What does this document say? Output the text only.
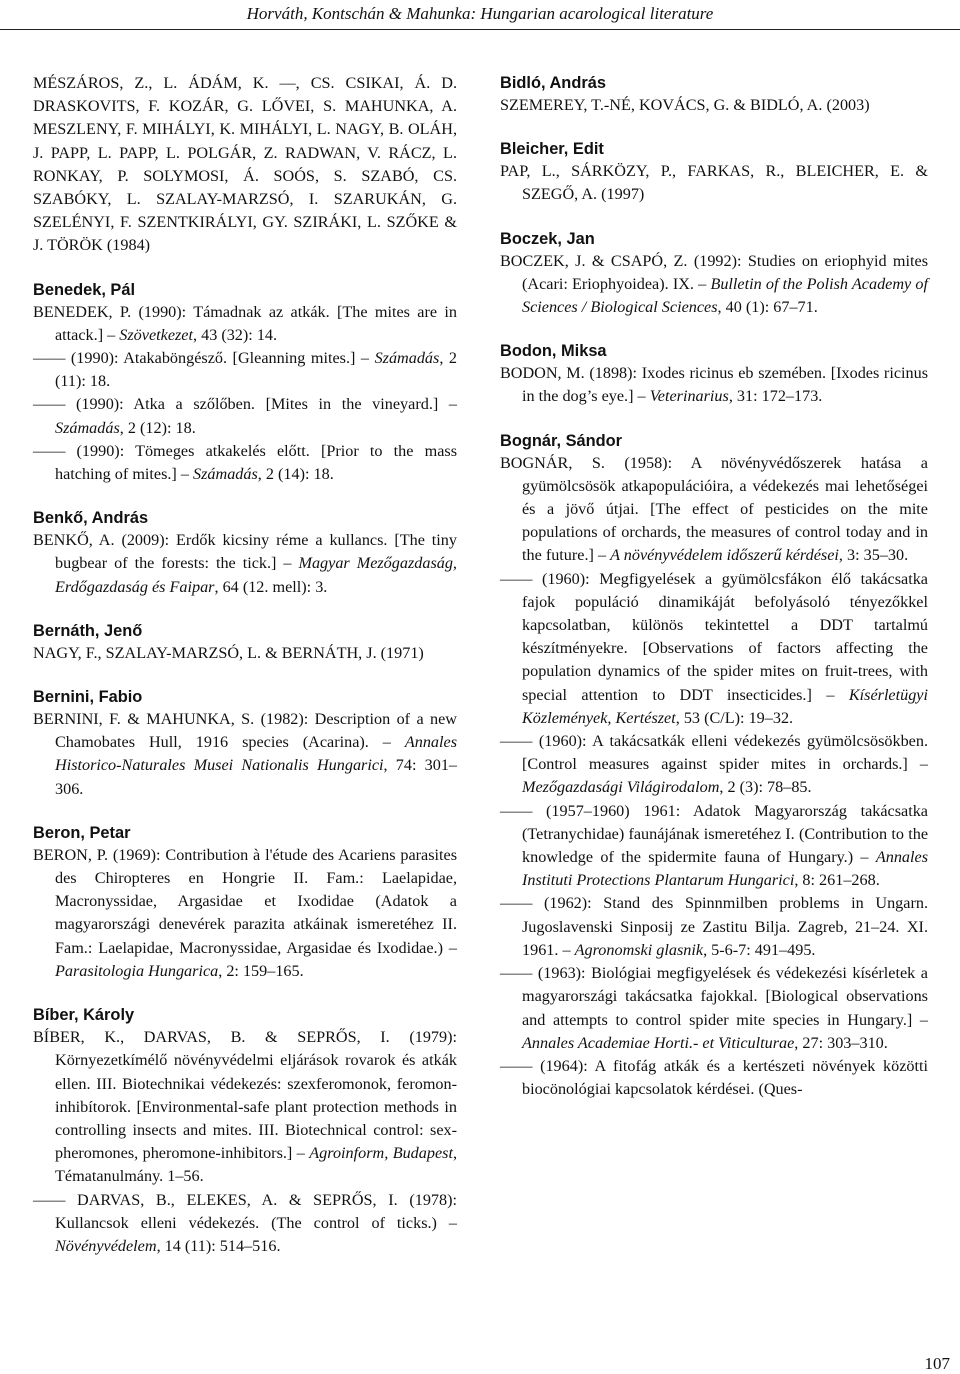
Horváth, Kontschán & Mahunka: Hungarian acarological literature

MÉSZÁROS, Z., L. ÁDÁM, K. —, CS. CSIKAI, Á. D. DRASKOVITS, F. KOZÁR, G. LŐVEI, S. MAHUNKA, A. MESZLENY, F. MIHÁLYI, K. MIHÁLYI, L. NAGY, B. OLÁH, J. PAPP, L. PAPP, L. POLGÁR, Z. RADWAN, V. RÁCZ, L. RONKAY, P. SOLYMOSI, Á. SOÓS, S. SZABÓ, CS. SZABÓKY, L. SZALAY-MARZSÓ, I. SZARUKÁN, G. SZELÉNYI, F. SZENTKIRÁLYI, GY. SZIRÁKI, L. SZŐKE & J. TÖRÖK (1984)

Benedek, Pál

BENEDEK, P. (1990): Támadnak az atkák. [The mites are in attack.] – Szövetkezet, 43 (32): 14.

—— (1990): Atakaböngésző. [Gleanning mites.] – Számadás, 2 (11): 18.

—— (1990): Atka a szőlőben. [Mites in the vineyard.] – Számadás, 2 (12): 18.

—— (1990): Tömeges atkakelés előtt. [Prior to the mass hatching of mites.] – Számadás, 2 (14): 18.

Benkő, András

BENKŐ, A. (2009): Erdők kicsiny réme a kullancs. [The tiny bugbear of the forests: the tick.] – Magyar Mezőgazdaság, Erdőgazdaság és Faipar, 64 (12. mell): 3.

Bernáth, Jenő

NAGY, F., SZALAY-MARZSÓ, L. & BERNÁTH, J. (1971)

Bernini, Fabio

BERNINI, F. & MAHUNKA, S. (1982): Description of a new Chamobates Hull, 1916 species (Acarina). – Annales Historico-Naturales Musei Nationalis Hungarici, 74: 301–306.

Beron, Petar

BERON, P. (1969): Contribution à l'étude des Acariens parasites des Chiropteres en Hongrie II. Fam.: Laelapidae, Macronyssidae, Argasidae et Ixodidae (Adatok a magyarországi denevérek parazita atkáinak ismeretéhez II. Fam.: Laelapidae, Macronyssidae, Argasidae és Ixodidae.) – Parasitologia Hungarica, 2: 159–165.

Bíber, Károly

BÍBER, K., DARVAS, B. & SEPRŐS, I. (1979): Környezetkímélő növényvédelmi eljárások rovarok és atkák ellen. III. Biotechnikai védekezés: szexferomonok, feromon-inhibítorok. [Environmental-safe plant protection methods in controlling insects and mites. III. Biotechnical control: sex-pheromones, pheromone-inhibitors.] – Agroinform, Budapest, Tématanulmány. 1–56.

—— DARVAS, B., ELEKES, A. & SEPRŐS, I. (1978): Kullancsok elleni védekezés. (The control of ticks.) – Növényvédelem, 14 (11): 514–516.

Bidló, András

SZEMEREY, T.-NÉ, KOVÁCS, G. & BIDLÓ, A. (2003)

Bleicher, Edit

PAP, L., SÁRKÖZY, P., FARKAS, R., BLEICHER, E. & SZEGŐ, A. (1997)

Boczek, Jan

BOCZEK, J. & CSAPÓ, Z. (1992): Studies on eriophyid mites (Acari: Eriophyoidea). IX. – Bulletin of the Polish Academy of Sciences / Biological Sciences, 40 (1): 67–71.

Bodon, Miksa

BODON, M. (1898): Ixodes ricinus eb szemében. [Ixodes ricinus in the dog’s eye.] – Veterinarius, 31: 172–173.

Bognár, Sándor

BOGNÁR, S. (1958): A növényvédőszerek hatása a gyümölcsösök atkapopulációira, a védekezés mai lehetőségei és a jövő útjai. [The effect of pesticides on the mite populations of orchards, the measures of control today and in the future.] – A növényvédelem időszerű kérdései, 3: 35–30.

—— (1960): Megfigyelések a gyümölcsfákon élő takácsatka fajok populáció dinamikáját befolyásoló tényezőkkel kapcsolatban, különös tekintettel a DDT tartalmú készítményekre. [Observations of factors affecting the population dynamics of the spider mites on fruit-trees, with special attention to DDT insecticides.] – Kísérletügyi Közlemények, Kertészet, 53 (C/L): 19–32.

—— (1960): A takácsatkák elleni védekezés gyümölcsösökben. [Control measures against spider mites in orchards.] – Mezőgazdasági Világirodalom, 2 (3): 78–85.

—— (1957–1960) 1961: Adatok Magyarország takácsatka (Tetranychidae) faunájának ismeretéhez I. (Contribution to the knowledge of the spidermite fauna of Hungary.) – Annales Instituti Protections Plantarum Hungarici, 8: 261–268.

—— (1962): Stand des Spinnmilben problems in Ungarn. Jugoslavenski Sinposij ze Zastitu Bilja. Zagreb, 21–24. XI. 1961. – Agronomski glasnik, 5-6-7: 491–495.

—— (1963): Biológiai megfigyelések és védekezési kísérletek a magyarországi takácsatka fajokkal. [Biological observations and attempts to control spider mite species in Hungary.] – Annales Academiae Horti.- et Viticulturae, 27: 303–310.

—— (1964): A fitofág atkák és a kertészeti növények közötti biocönológiai kapcsolatok kérdései. (Ques-

107
